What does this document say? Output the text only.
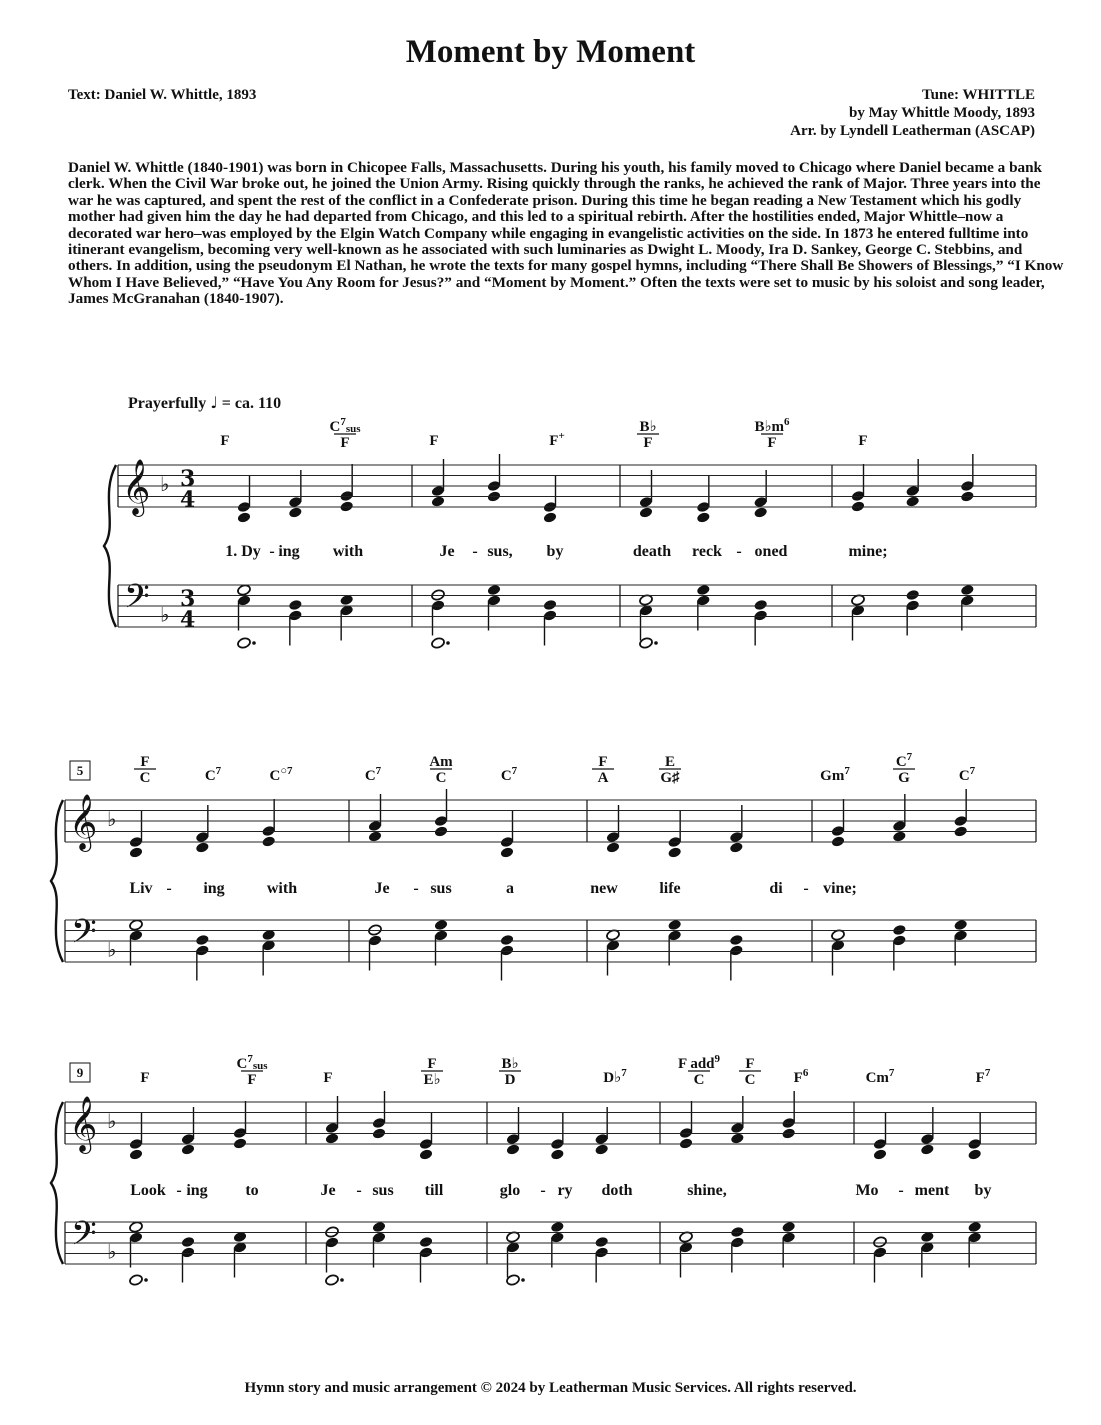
Moment by Moment
Text: Daniel W. Whittle, 1893	Tune: WHITTLE
by May Whittle Moody, 1893
Arr. by Lyndell Leatherman (ASCAP)

Daniel W. Whittle (1840-1901) was born in Chicopee Falls, Massachusetts. During his youth, his family moved to Chicago where Daniel became a bank clerk. When the Civil War broke out, he joined the Union Army. Rising quickly through the ranks, he achieved the rank of Major. Three years into the war he was captured, and spent the rest of the conflict in a Confederate prison. During this time he began reading a New Testament which his godly mother had given him the day he had departed from Chicago, and this led to a spiritual rebirth. After the hostilities ended, Major Whittle–now a decorated war hero–was employed by the Elgin Watch Company while engaging in evangelistic activities on the side. In 1873 he entered fulltime into itinerant evangelism, becoming very well-known as he associated with such luminaries as Dwight L. Moody, Ira D. Sankey, George C. Stebbins, and others. In addition, using the pseudonym El Nathan, he wrote the texts for many gospel hymns, including “There Shall Be Showers of Blessings,” “I Know Whom I Have Believed,” “Have You Any Room for Jesus?” and “Moment by Moment.” Often the texts were set to music by his soloist and song leader, James McGranahan (1840-1907).

Prayerfully ♩ = ca. 110
𝄞
𝄢
♭
♭
3
4
3
4
F
$C^7_{sus}$
F	F	F+
B♭
F
$B♭m^6$
F	F
1. Dy - ing with	Je - sus, by	death reck - oned	mine;
𝄞
𝄢
♭
♭
5
F
C	$C^7$	$C^{○7}$	$C^7$
Am
C	$C^7$
F
A
E
G♯	Gm$^7$
$C^7$
G	$C^7$
Liv - ing	with	Je - sus	a	new	life	di - vine;
𝄞
𝄢
♭
♭
9	F
$C^7_{sus}$
F	F
F
E♭
B♭
D	D♭$^7$
F add$^9$
C
F
C	$F^6$	Cm$^7$	$F^7$
Look - ing to	Je - sus till	glo - ry doth	shine,	Mo - ment by
Hymn story and music arrangement © 2024 by Leatherman Music Services. All rights reserved.
